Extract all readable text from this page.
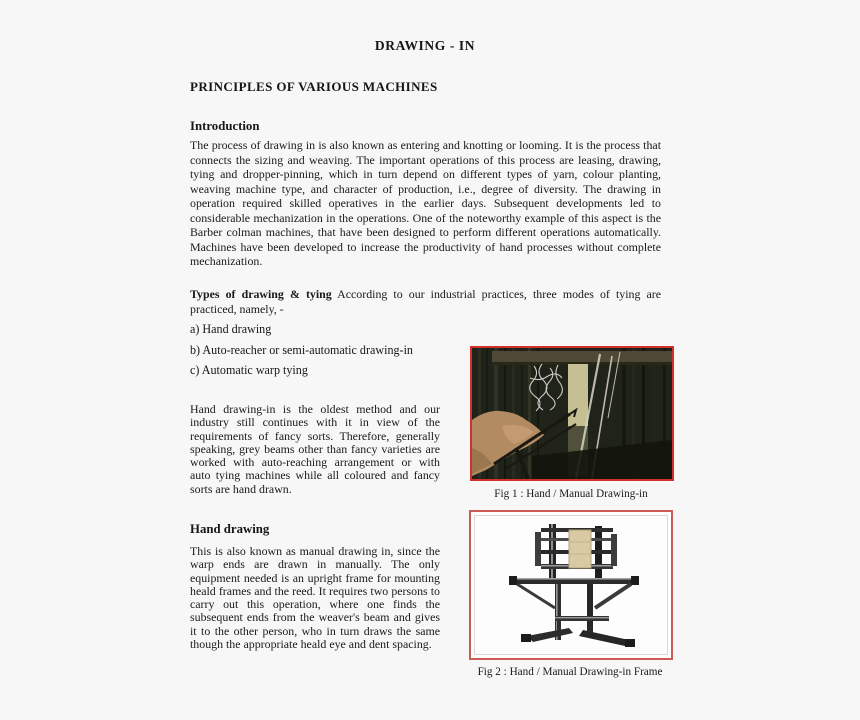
DRAWING - IN
PRINCIPLES OF VARIOUS MACHINES
Introduction
The process of drawing in is also known as entering and knotting or looming. It is the process that connects the sizing and weaving. The important operations of this process are leasing, drawing, tying and dropper-pinning, which in turn depend on different types of yarn, colour planting, weaving machine type, and character of production, i.e., degree of diversity. The drawing in operation required skilled operatives in the earlier days. Subsequent developments led to considerable mechanization in the operations. One of the noteworthy example of this aspect is the Barber colman machines, that have been designed to perform different operations automatically. Machines have been developed to increase the productivity of hand processes without complete mechanization.
Types of drawing & tying According to our industrial practices, three modes of tying are practiced, namely, -
a) Hand drawing
b) Auto-reacher or semi-automatic drawing-in
c) Automatic warp tying
Hand drawing-in is the oldest method and our industry still continues with it in view of the requirements of fancy sorts. Therefore, generally speaking, grey beams other than fancy varieties are worked with auto-reaching arrangement or with auto tying machines while all coloured and fancy sorts are hand drawn.	Fig 1 : Hand / Manual Drawing-in
Hand drawing
This is also known as manual drawing in, since the warp ends are drawn in manually. The only equipment needed is an upright frame for mounting heald frames and the reed. It requires two persons to carry out this operation, where one finds the subsequent ends from the weaver's beam and gives it to the other person, who in turn draws the same though the appropriate heald eye and dent spacing.
Fig 2 : Hand / Manual Drawing-in Frame
